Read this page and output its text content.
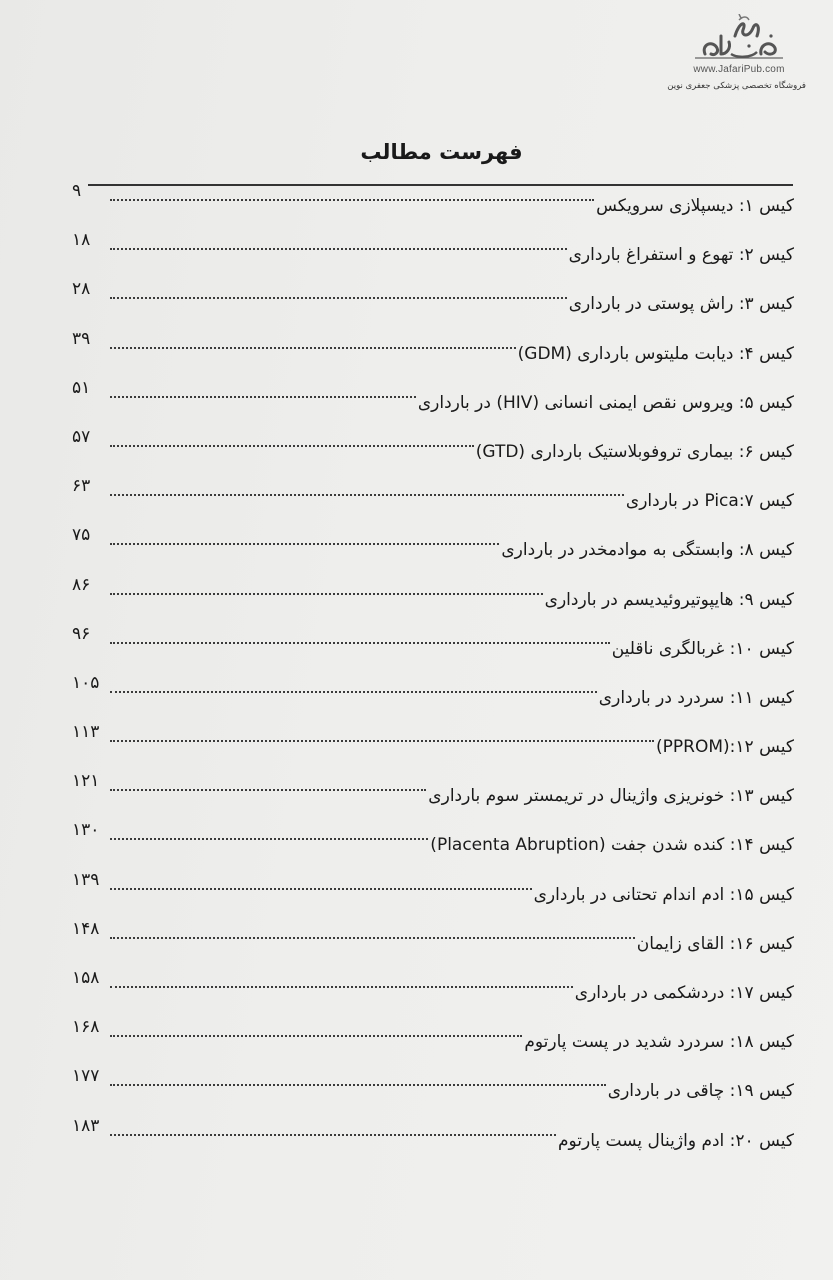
www.JafariPub.com
فروشگاه تخصصی پزشکی جعفری نوین
فهرست مطالب
۹
کیس ۱: دیسپلازی سرویکس
۱۸
کیس ۲: تهوع و استفراغ بارداری
۲۸
کیس ۳: راش پوستی در بارداری
۳۹
کیس ۴: دیابت ملیتوس بارداری (GDM)
۵۱
کیس ۵: ویروس نقص ایمنی انسانی (HIV) در بارداری
۵۷
کیس ۶: بیماری تروفوبلاستیک بارداری (GTD)
۶۳
کیس ۷:Pica در بارداری
۷۵
کیس ۸: وابستگی به موادمخدر در بارداری
۸۶
کیس ۹: هایپوتیروئیدیسم در بارداری
۹۶
کیس ۱۰: غربالگری ناقلین
۱۰۵
کیس ۱۱: سردرد در بارداری
۱۱۳
کیس ۱۲:(PPROM)
۱۲۱
کیس ۱۳: خونریزی واژینال در تریمستر سوم بارداری
۱۳۰
کیس ۱۴: کنده شدن جفت (Placenta Abruption)
۱۳۹
کیس ۱۵: ادم اندام تحتانی در بارداری
۱۴۸
کیس ۱۶: القای زایمان
۱۵۸
کیس ۱۷: دردشکمی در بارداری
۱۶۸
کیس ۱۸: سردرد شدید در پست پارتوم
۱۷۷
کیس ۱۹: چاقی در بارداری
۱۸۳
کیس ۲۰: ادم واژینال پست پارتوم
